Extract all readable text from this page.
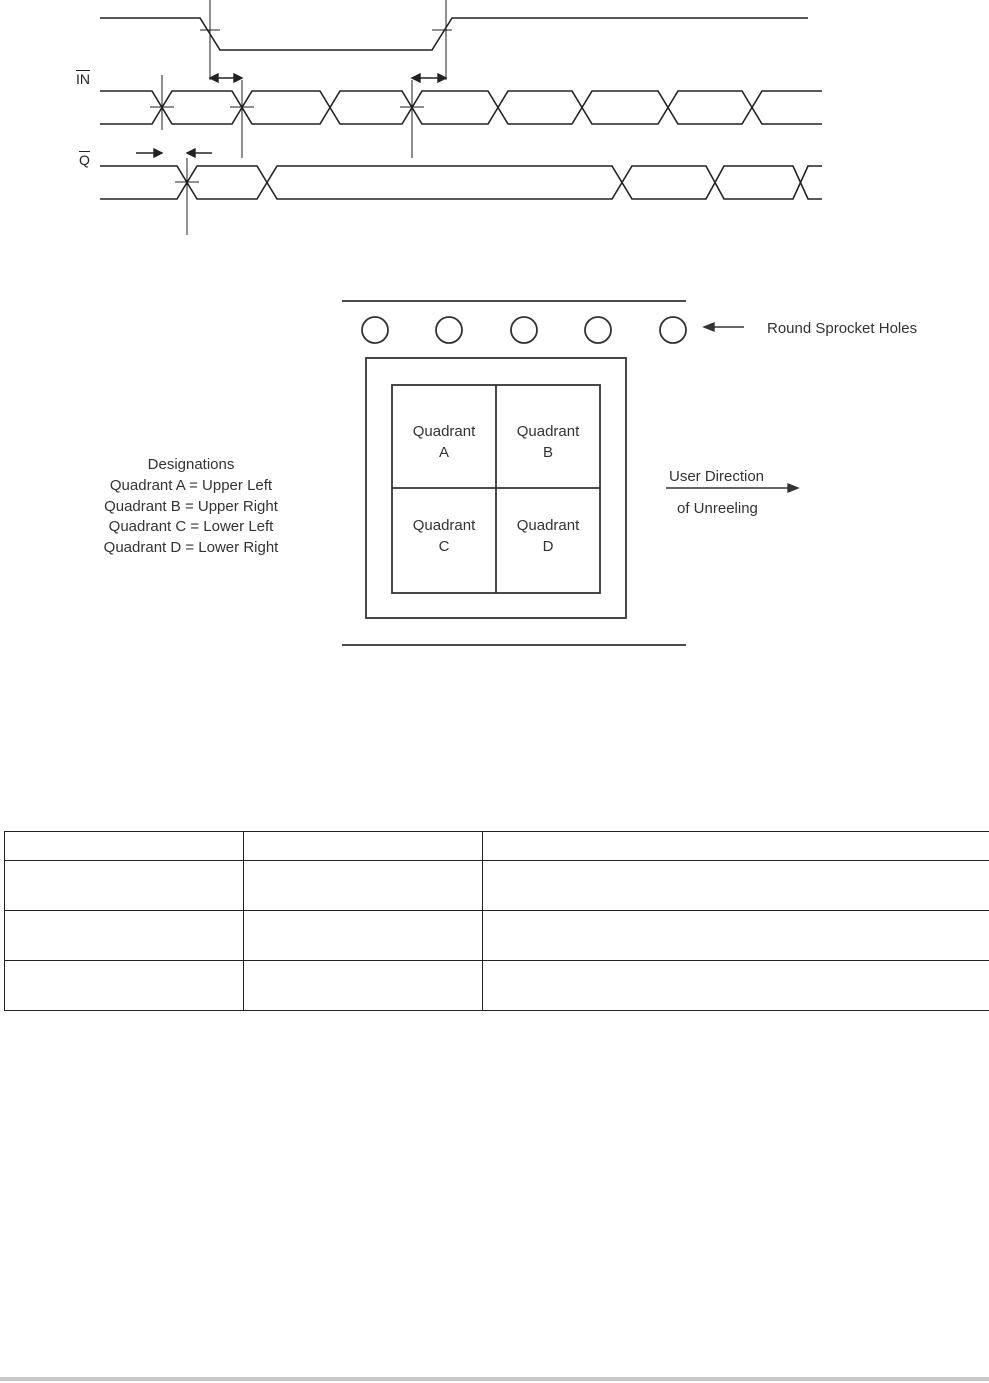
$\overline{IN}$
$\overline{Q}$
Round Sprocket Holes
Quadrant
A
Quadrant
B
Quadrant
C
Quadrant
D
User Direction
of Unreeling
Designations
Quadrant A = Upper Left
Quadrant B = Upper Right
Quadrant C = Lower Left
Quadrant D = Lower Right
